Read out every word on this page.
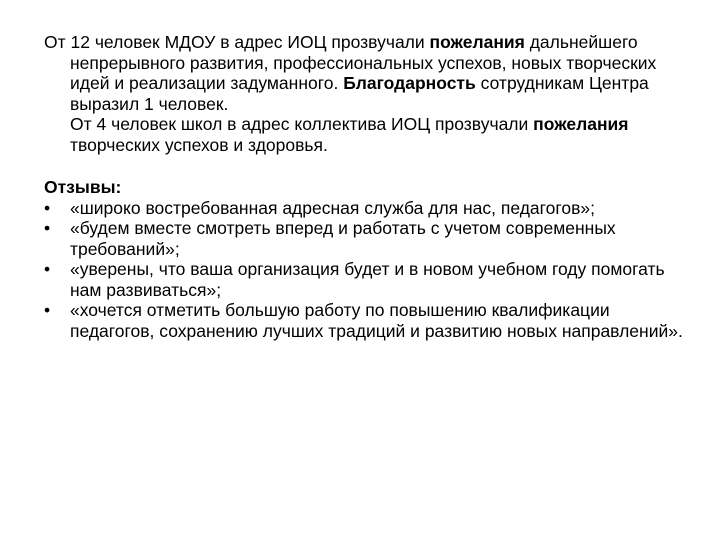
От 12 человек МДОУ в адрес ИОЦ прозвучали пожелания дальнейшего непрерывного развития, профессиональных успехов, новых творческих идей и реализации задуманного. Благодарность сотрудникам Центра выразил 1 человек.

От 4 человек школ в адрес коллектива ИОЦ прозвучали пожелания творческих успехов и здоровья.

Отзывы:

•	«широко востребованная адресная служба для нас, педагогов»;
•	«будем вместе смотреть вперед и работать с учетом современных требований»;
•	«уверены, что ваша организация будет и в новом учебном году помогать нам развиваться»;
•	«хочется отметить большую работу по повышению квалификации педагогов, сохранению лучших традиций и развитию новых направлений».
